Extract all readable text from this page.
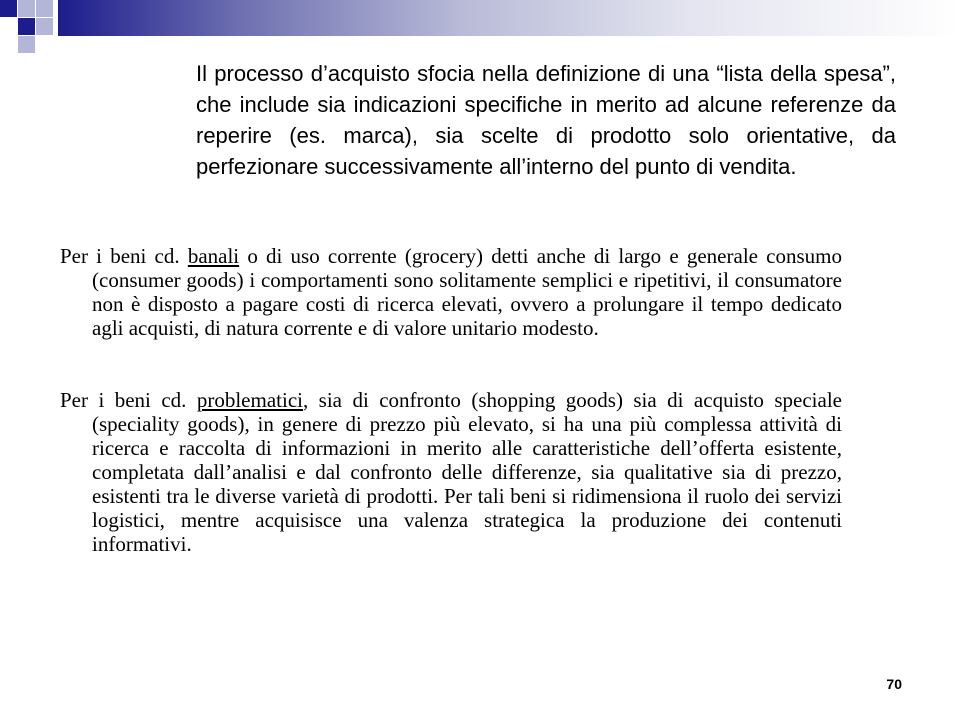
Il processo d’acquisto sfocia nella definizione di una “lista della spesa”, che include sia indicazioni specifiche in merito ad alcune referenze da reperire (es. marca), sia scelte di prodotto solo orientative, da perfezionare successivamente all’interno del punto di vendita.

Per i beni cd. banali o di uso corrente (grocery) detti anche di largo e generale consumo (consumer goods) i comportamenti sono solitamente semplici e ripetitivi, il consumatore non è disposto a pagare costi di ricerca elevati, ovvero a prolungare il tempo dedicato agli acquisti, di natura corrente e di valore unitario modesto.

Per i beni cd. problematici, sia di confronto (shopping goods) sia di acquisto speciale (speciality goods), in genere di prezzo più elevato, si ha una più complessa attività di ricerca e raccolta di informazioni in merito alle caratteristiche dell’offerta esistente, completata dall’analisi e dal confronto delle differenze, sia qualitative sia di prezzo, esistenti tra le diverse varietà di prodotti. Per tali beni si ridimensiona il ruolo dei servizi logistici, mentre acquisisce una valenza strategica la produzione dei contenuti informativi.

70
